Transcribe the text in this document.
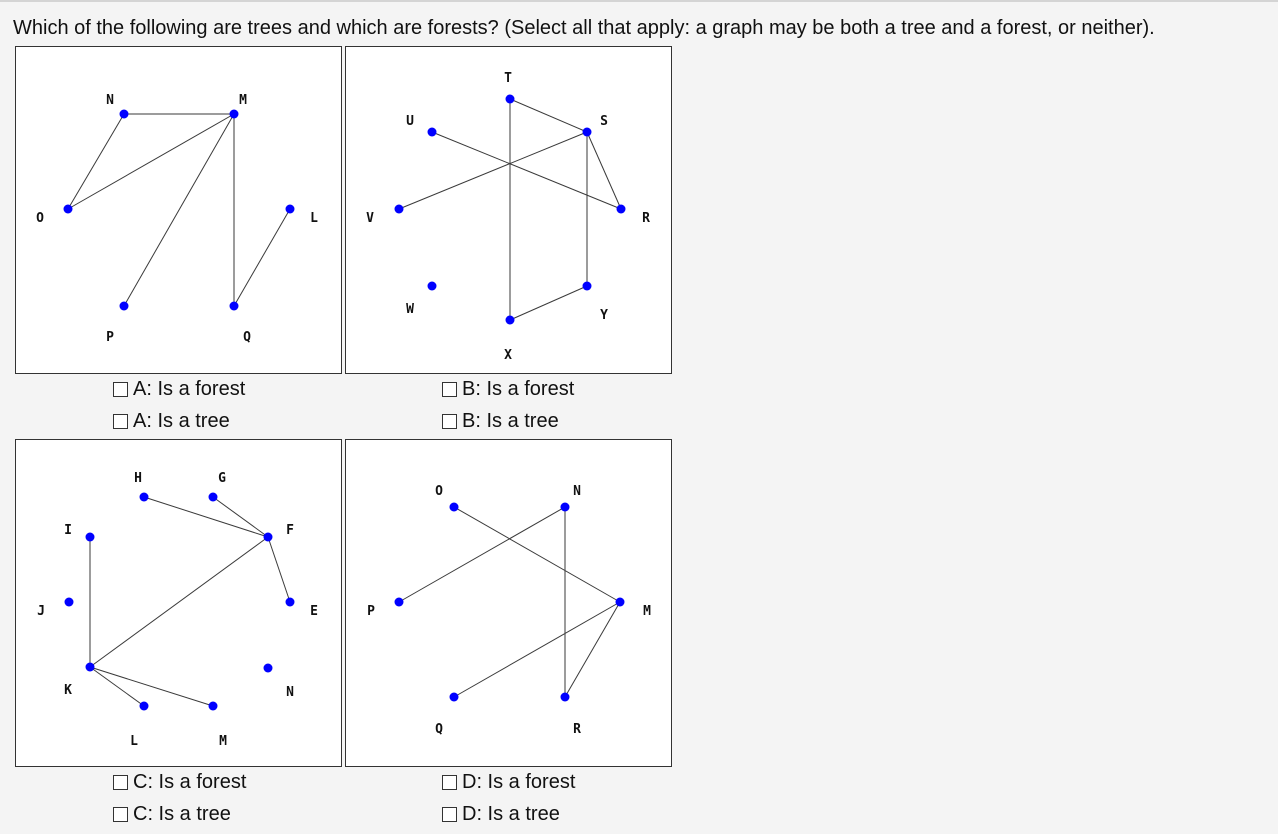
Which of the following are trees and which are forests? (Select all that apply: a graph may be both a tree and a forest, or neither).
N	M
O	L
P	Q
T
U	S
V	R
W	Y
X
H	G
I	F
J	E
N
K
L	M
O	N
P	M
Q	R
A: Is a forest
A: Is a tree
B: Is a forest
B: Is a tree
C: Is a forest
C: Is a tree
D: Is a forest
D: Is a tree
